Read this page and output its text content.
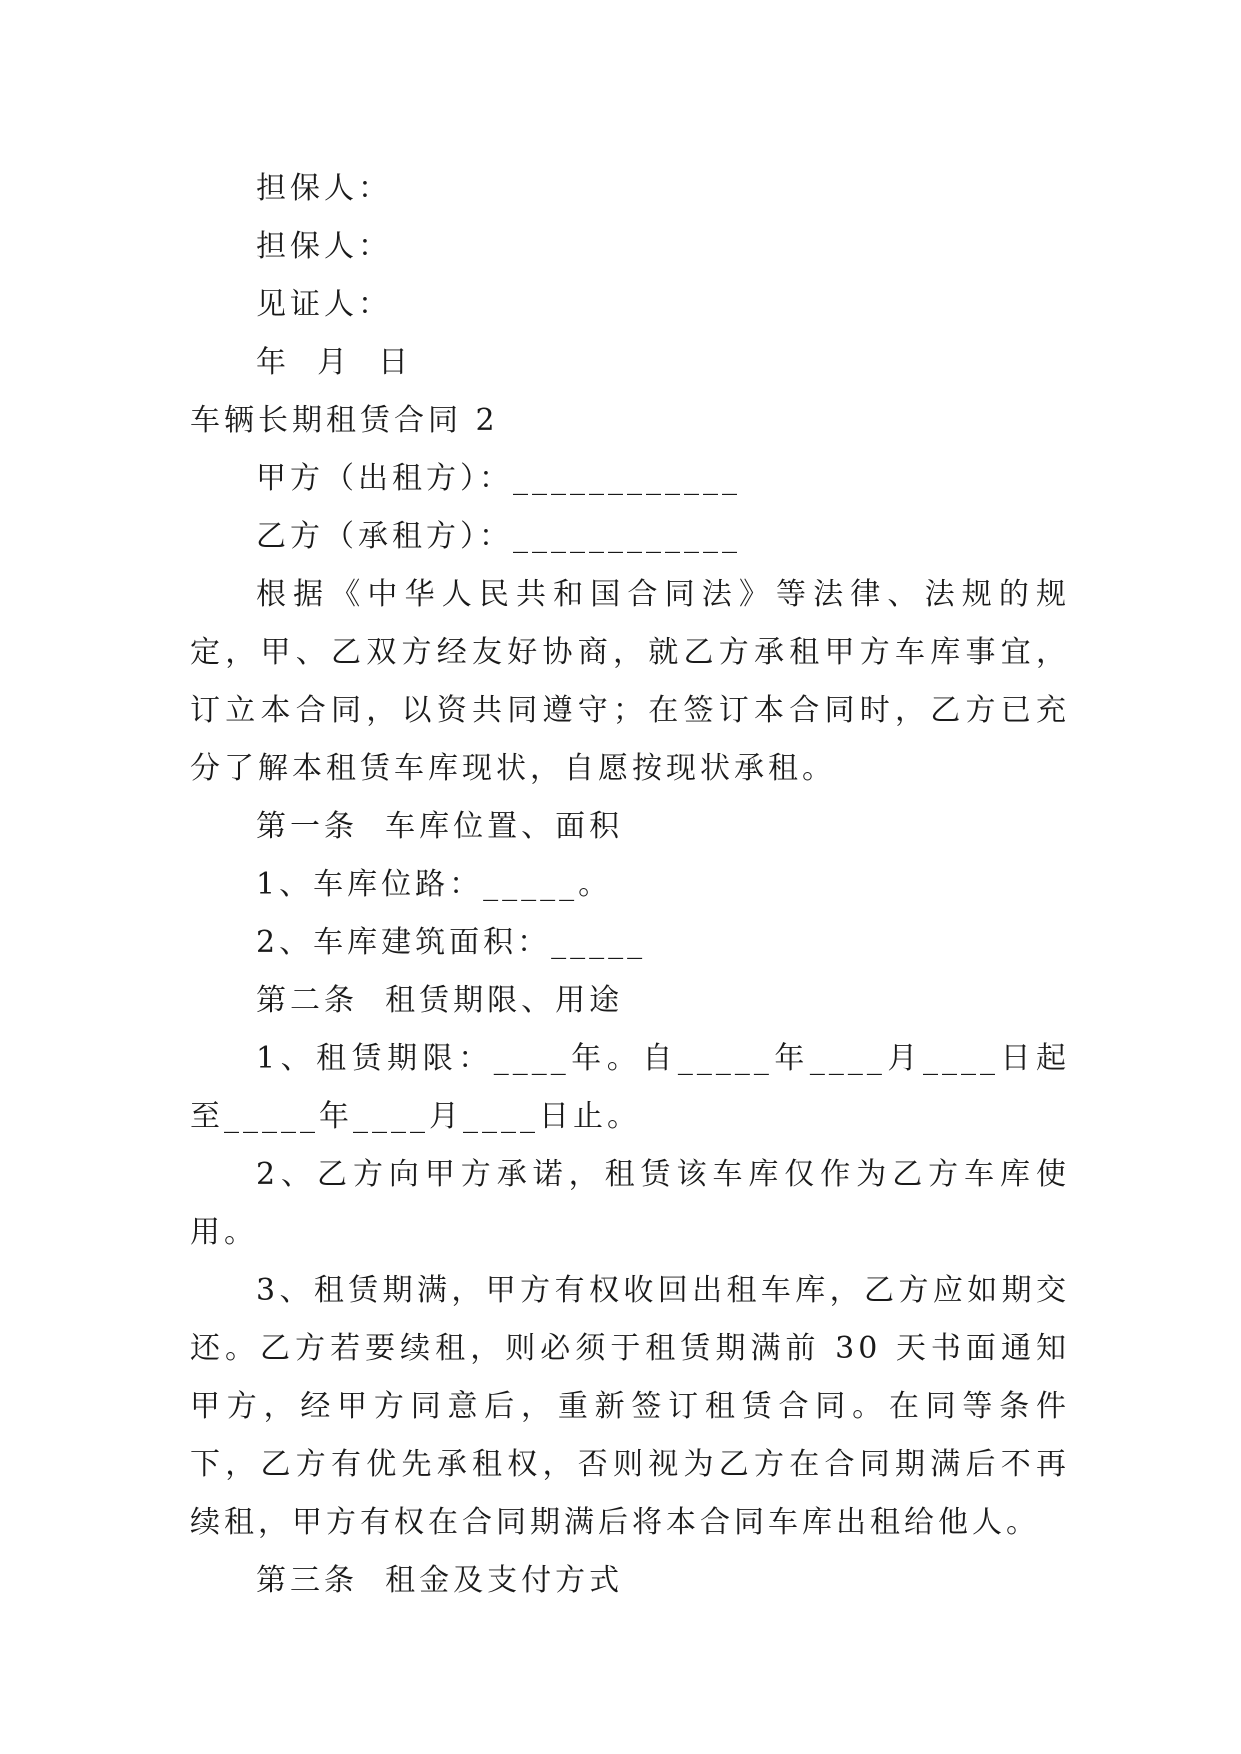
担保人：
担保人：
见证人：
年  月  日
车辆长期租赁合同 2
甲方（出租方）：____________
乙方（承租方）：____________

根据《中华人民共和国合同法》等法律、法规的规定，甲、乙双方经友好协商，就乙方承租甲方车库事宜，订立本合同，以资共同遵守；在签订本合同时，乙方已充分了解本租赁车库现状，自愿按现状承租。

第一条  车库位置、面积
1、车库位路：_____。
2、车库建筑面积：_____
第二条  租赁期限、用途

1、租赁期限：____年。自_____年____月____日起至_____年____月____日止。

2、乙方向甲方承诺，租赁该车库仅作为乙方车库使用。

3、租赁期满，甲方有权收回出租车库，乙方应如期交还。乙方若要续租，则必须于租赁期满前 30 天书面通知甲方，经甲方同意后，重新签订租赁合同。在同等条件下，乙方有优先承租权，否则视为乙方在合同期满后不再续租，甲方有权在合同期满后将本合同车库出租给他人。

第三条  租金及支付方式
